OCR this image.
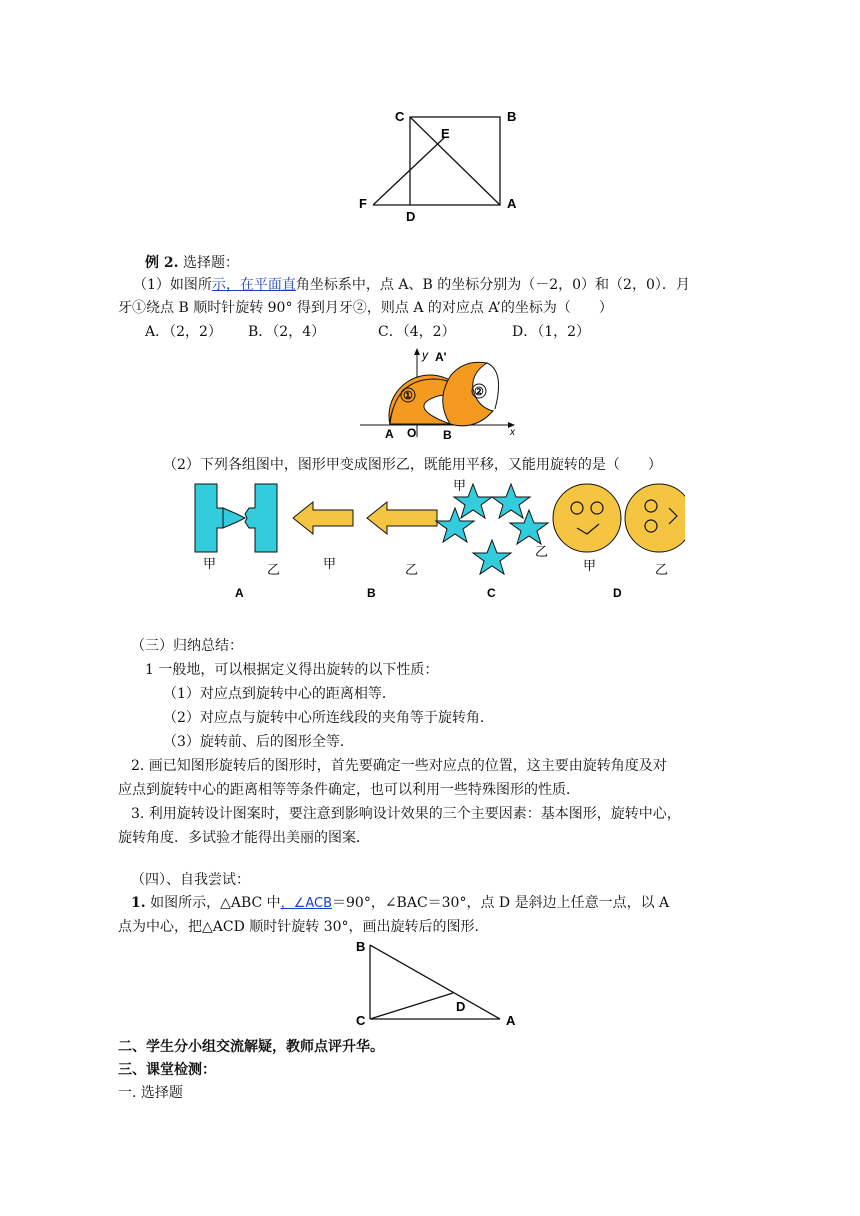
C	B
E
F
D
A
例 2. 选择题：
（1）如图所示，在平面直角坐标系中，点 A、B 的坐标分别为（－2，0）和（2，0）．月
牙①绕点 B 顺时针旋转 90° 得到月牙②，则点 A 的对应点 A’的坐标为（　　）
A．（2，2） B．（2，4）	C．（4，2）	D．（1，2）
①	②
y A'
A O B	x
（2）下列各组图中，图形甲变成图形乙，既能用平移，又能用旋转的是（　　）
甲	乙	甲	乙
甲
乙
甲	乙
A	B	C	D
（三）归纳总结：
1 一般地，可以根据定义得出旋转的以下性质：
（1）对应点到旋转中心的距离相等．
（2）对应点与旋转中心所连线段的夹角等于旋转角．
（3）旋转前、后的图形全等．
2. 画已知图形旋转后的图形时，首先要确定一些对应点的位置，这主要由旋转角度及对
应点到旋转中心的距离相等等条件确定，也可以利用一些特殊图形的性质．
3. 利用旋转设计图案时，要注意到影响设计效果的三个主要因素：基本图形，旋转中心，
旋转角度．多试验才能得出美丽的图案．
（四）、自我尝试：
1. 如图所示，△ABC 中，∠ACB＝90°，∠BAC＝30°，点 D 是斜边上任意一点，以 A
点为中心，把△ACD 顺时针旋转 30°，画出旋转后的图形．
B
D
C	A
二、学生分小组交流解疑，教师点评升华。
三、课堂检测：
一. 选择题
